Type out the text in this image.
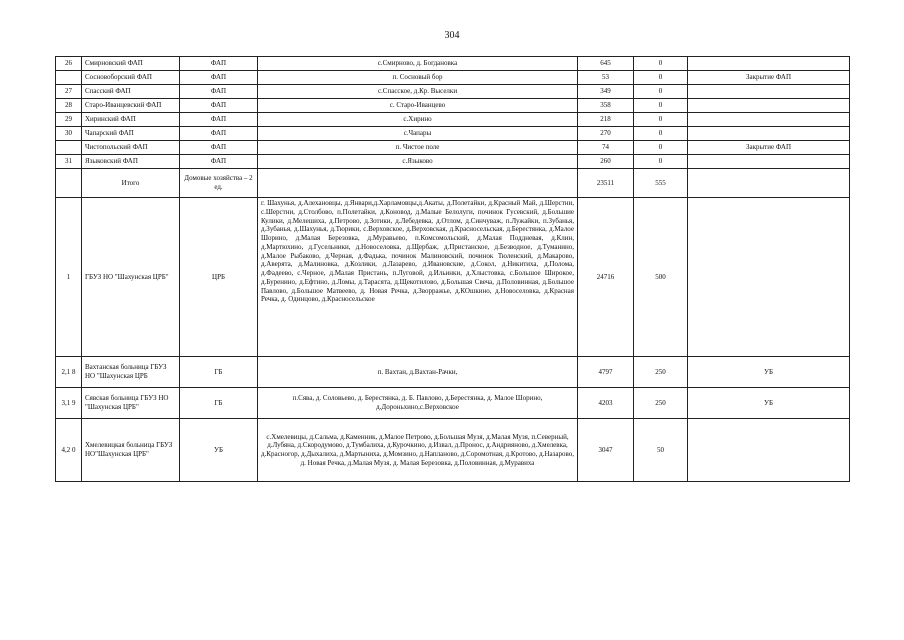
304
26	Смирновский ФАП	ФАП	с.Смирново, д. Богдановка	645	0	
	Сосновоборский ФАП	ФАП	п. Сосновый бор	53	0	Закрытие ФАП
27	Спасский ФАП	ФАП	с.Спасское, д.Кр. Выселки	349	0	
28	Старо-Иванцевский ФАП	ФАП	с. Старо-Иванцево	358	0	
29	Хиринский ФАП	ФАП	с.Хирино	218	0	
30	Чапарский ФАП	ФАП	с.Чапары	270	0	
	Чистопольский ФАП	ФАП	п. Чистое поле	74	0	Закрытие ФАП
31	Языковский ФАП	ФАП	с.Языково	260	0	
	Итого	Домовые хозяйства – 2 ед.		23511	555	
1	ГБУЗ НО "Шахунская ЦРБ"	ЦРБ	г. Шахунья, д.Алехановцы, д.Январи,д.Харламовцы,д.Акаты, д.Полетайки, д.Красный Май, д.Шерстни, с.Шерстни, д.Столбово, п.Полетайки, д.Коновод, д.Малые Белолуги, починок Гусевский, д.Большие Кулики, д.Мелешиха, д.Петрово, д.Зотики, д.Лебедевка, д.Отлом, д.Синчуваж, п.Лужайки, п.Зубанья, д.Зубанья, д.Шахунья, д.Тюрики, с.Верховское, д.Верховская, д.Красносельская, д.Берестянка, д.Малое Шорино, д.Малая Березовка, д.Муравьево, п.Комсомольский, д.Малая Поддневая, д.Клин, д.Мартюхино, д.Гусельники, д.Новоселовка, д.Щербаж, д.Пристанское, д.Безводное, д.Туманино, д.Малое Рыбаково, д.Черная, д.Фадька, починок Малиновский, починок Тюленский, д.Макарово, д.Аверята, д.Малиновка, д.Козлики, д.Лазарево, д.Ивановские, д.Сокол, д.Никитиха, д.Полома, д.Фадеево, с.Черное, д.Малая Пристань, п.Луговой, д.Ильинки, д.Хлыстовка, с.Большое Широкое, д.Буренино, д.Ефтино, д.Ломы, д.Тарасята, д.Щекотилово, д.Большая Свеча, д.Половинная, д.Большое Павлово, д.Большое Матвеево, д. Новая Речка, д.Зворражье, д.КОшкино, д.Новоселовка, д.Красная Речка, д. Одинцово, д.Красносельское	24716	500	
2,1 8	Вахтанская больница ГБУЗ НО "Шахунская ЦРБ	ГБ	п. Вахтан, д.Вахтан-Рачки,	4797	250	УБ
3,1 9	Сявская больница ГБУЗ НО "Шахунская ЦРБ"	ГБ	п.Сява, д. Соловьево, д. Берестянка, д. Б. Павлово, д.Берестянка, д. Малое Шорино, д.Дороньхино,с.Верховское	4203	250	УБ
4,2 0	Хмелевицкая больница ГБУЗ НО"Шахунская ЦРБ"	УБ	с.Хмелевицы, д.Сальма, д.Каменник, д.Малое Петрово, д.Большая Музя, д.Малая Музя, п.Северный, д.Лубяна, д.Скородумово, д.Тумбалиха, д.Курочкино, д.Извал, д.Пронос, д.Андрияново, д.Хмелевка, д.Красногор, д.Дыхалиха, д.Мартыниха, д.Момзино, д.Напланово, д.Соромотная, д.Кротово, д.Назарово, д. Новая Речка, д.Малая Музя, д. Малая Березовка, д.Половинная, д.Муравиха	3047	50	
